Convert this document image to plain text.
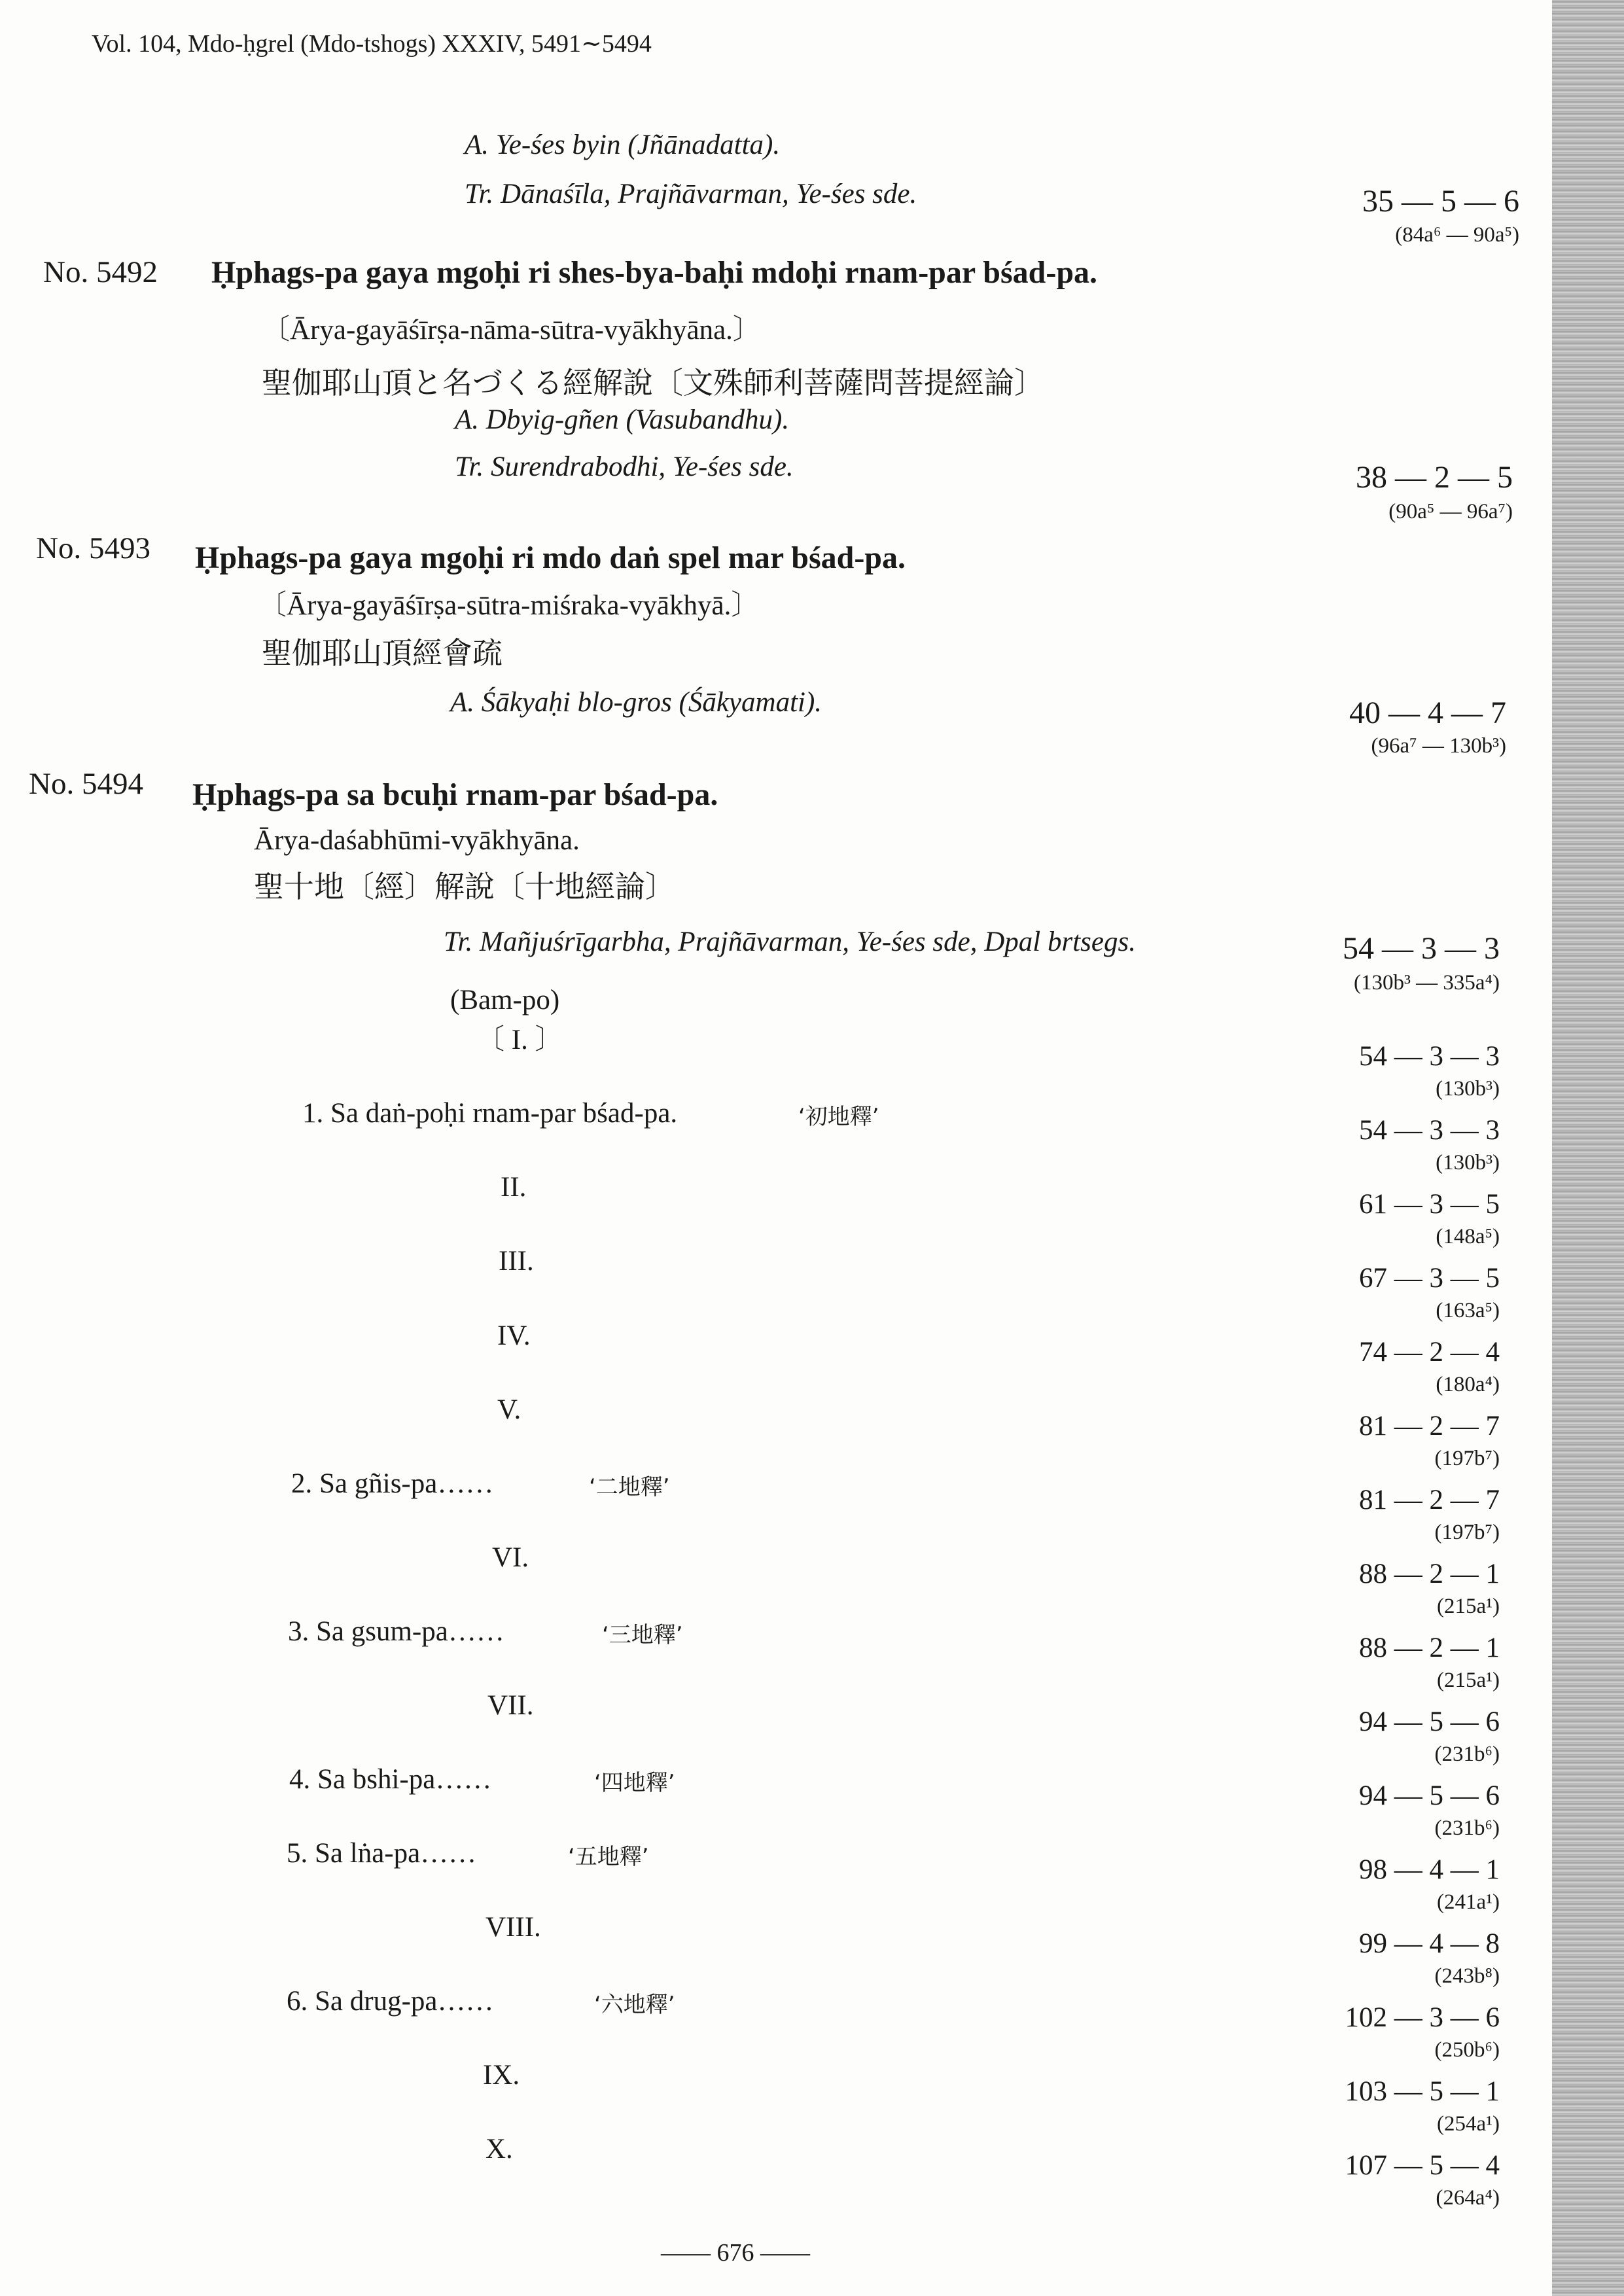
Vol. 104, Mdo-ḥgrel (Mdo-tshogs) XXXIV, 5491∼5494
A. Ye-śes byin (Jñānadatta).
Tr. Dānaśīla, Prajñāvarman, Ye-śes sde.	35 — 5 — 6
(84a⁶ — 90a⁵)
No. 5492 Ḥphags-pa gaya mgoḥi ri shes-bya-baḥi mdoḥi rnam-par bśad-pa.
〔Ārya-gayāśīrṣa-nāma-sūtra-vyākhyāna.〕
聖伽耶山頂と名づくる經解說〔文殊師利菩薩問菩提經論〕
A. Dbyig-gñen (Vasubandhu).
Tr. Surendrabodhi, Ye-śes sde.	38 — 2 — 5
(90a⁵ — 96a⁷)
No. 5493 Ḥphags-pa gaya mgoḥi ri mdo daṅ spel mar bśad-pa.
〔Ārya-gayāśīrṣa-sūtra-miśraka-vyākhyā.〕
聖伽耶山頂經會疏
A. Śākyaḥi blo-gros (Śākyamati).	40 — 4 — 7
(96a⁷ — 130b³)
No. 5494 Ḥphags-pa sa bcuḥi rnam-par bśad-pa.
Ārya-daśabhūmi-vyākhyāna.
聖十地〔經〕解說〔十地經論〕
Tr. Mañjuśrīgarbha, Prajñāvarman, Ye-śes sde, Dpal brtsegs.	54 — 3 — 3
(130b³ — 335a⁴)
(Bam-po)
〔 I. 〕
54 — 3 — 3
(130b³)
1. Sa daṅ-poḥi rnam-par bśad-pa.	‘初地釋’	54 — 3 — 3
(130b³)
II.
61 — 3 — 5
(148a⁵)
III.
67 — 3 — 5
(163a⁵)
IV.
74 — 2 — 4
(180a⁴)
V.
81 — 2 — 7
(197b⁷)
2. Sa gñis-pa……	‘二地釋’	81 — 2 — 7
(197b⁷)
VI.
88 — 2 — 1
(215a¹)
3. Sa gsum-pa……	‘三地釋’	88 — 2 — 1
(215a¹)
VII.
94 — 5 — 6
(231b⁶)
4. Sa bshi-pa……	‘四地釋’	94 — 5 — 6
(231b⁶)
5. Sa lṅa-pa……	‘五地釋’	98 — 4 — 1
(241a¹)
VIII.
99 — 4 — 8
(243b⁸)
6. Sa drug-pa……	‘六地釋’	102 — 3 — 6
(250b⁶)
IX.
103 — 5 — 1
(254a¹)
X.
107 — 5 — 4
(264a⁴)
—— 676 ——
